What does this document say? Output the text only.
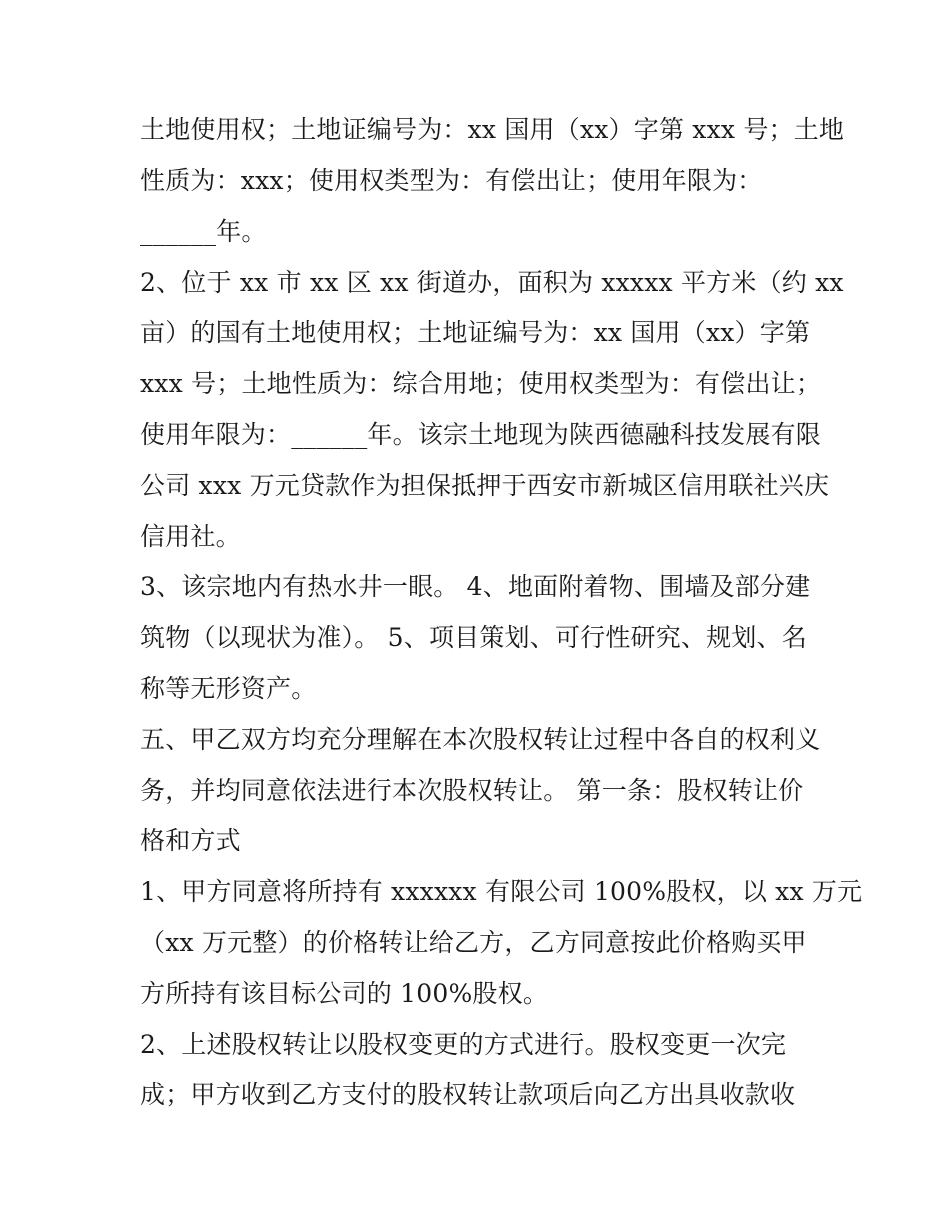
土地使用权；土地证编号为：xx 国用（xx）字第 xxx 号；土地
性质为：xxx；使用权类型为：有偿出让；使用年限为：
______年。
2、位于 xx 市 xx 区 xx 街道办，面积为 xxxxx 平方米（约 xx
亩）的国有土地使用权；土地证编号为：xx 国用（xx）字第
xxx 号；土地性质为：综合用地；使用权类型为：有偿出让；
使用年限为：______年。该宗土地现为陕西德融科技发展有限
公司 xxx 万元贷款作为担保抵押于西安市新城区信用联社兴庆
信用社。
3、该宗地内有热水井一眼。 4、地面附着物、围墙及部分建
筑物（以现状为准）。 5、项目策划、可行性研究、规划、名
称等无形资产。
五、甲乙双方均充分理解在本次股权转让过程中各自的权利义
务，并均同意依法进行本次股权转让。 第一条：股权转让价
格和方式
1、甲方同意将所持有 xxxxxx 有限公司 100%股权，以 xx 万元
（xx 万元整）的价格转让给乙方，乙方同意按此价格购买甲
方所持有该目标公司的 100%股权。
2、上述股权转让以股权变更的方式进行。股权变更一次完
成；甲方收到乙方支付的股权转让款项后向乙方出具收款收
